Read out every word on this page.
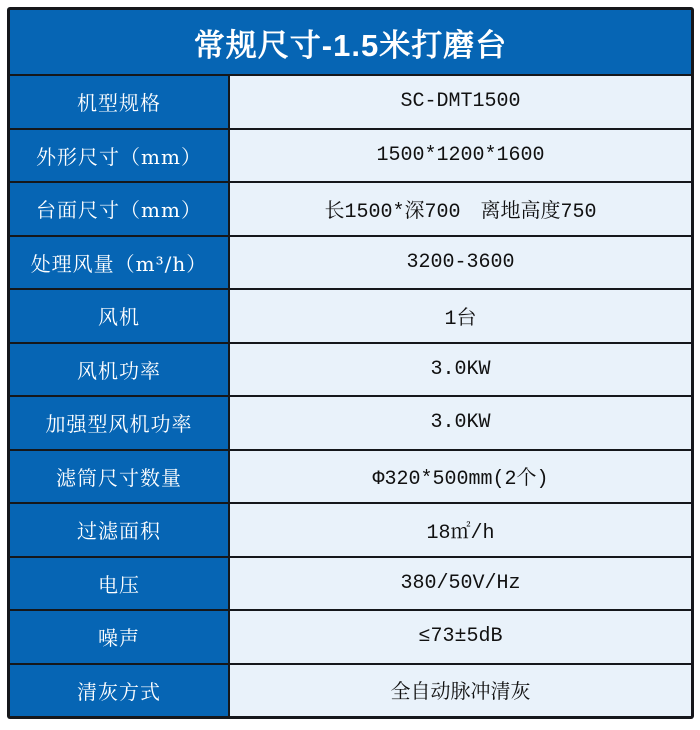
常规尺寸-1.5米打磨台
机型规格	SC-DMT1500
外形尺寸（mm）	1500*1200*1600
台面尺寸（mm）	长1500*深700　离地高度750
处理风量（m³/h）	3200-3600
风机	1台
风机功率	3.0KW
加强型风机功率	3.0KW
滤筒尺寸数量	Φ320*500mm(2个)
过滤面积	18㎡/h
电压	380/50V/Hz
噪声	≤73±5dB
清灰方式	全自动脉冲清灰
